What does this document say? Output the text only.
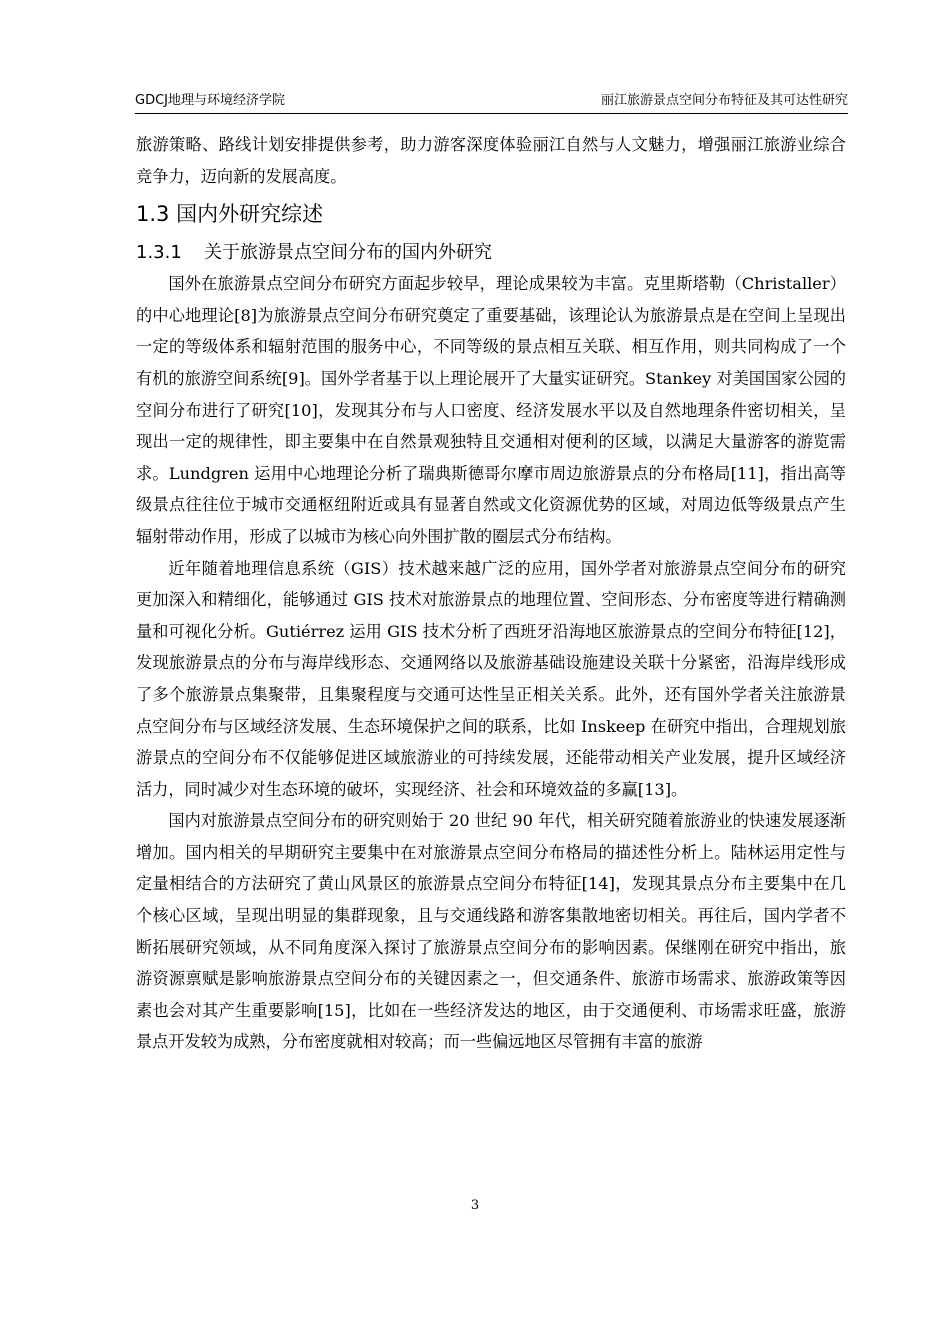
GDCJ地理与环境经济学院	丽江旅游景点空间分布特征及其可达性研究

旅游策略、路线计划安排提供参考，助力游客深度体验丽江自然与人文魅力，增强丽江旅游业综合竞争力，迈向新的发展高度。

1.3 国内外研究综述
1.3.1 关于旅游景点空间分布的国内外研究

国外在旅游景点空间分布研究方面起步较早，理论成果较为丰富。克里斯塔勒（Christaller）的中心地理论[8]为旅游景点空间分布研究奠定了重要基础，该理论认为旅游景点是在空间上呈现出一定的等级体系和辐射范围的服务中心，不同等级的景点相互关联、相互作用，则共同构成了一个有机的旅游空间系统[9]。国外学者基于以上理论展开了大量实证研究。Stankey 对美国国家公园的空间分布进行了研究[10]，发现其分布与人口密度、经济发展水平以及自然地理条件密切相关，呈现出一定的规律性，即主要集中在自然景观独特且交通相对便利的区域，以满足大量游客的游览需求。Lundgren 运用中心地理论分析了瑞典斯德哥尔摩市周边旅游景点的分布格局[11]，指出高等级景点往往位于城市交通枢纽附近或具有显著自然或文化资源优势的区域，对周边低等级景点产生辐射带动作用，形成了以城市为核心向外围扩散的圈层式分布结构。

近年随着地理信息系统（GIS）技术越来越广泛的应用，国外学者对旅游景点空间分布的研究更加深入和精细化，能够通过 GIS 技术对旅游景点的地理位置、空间形态、分布密度等进行精确测量和可视化分析。Gutiérrez 运用 GIS 技术分析了西班牙沿海地区旅游景点的空间分布特征[12]，发现旅游景点的分布与海岸线形态、交通网络以及旅游基础设施建设关联十分紧密，沿海岸线形成了多个旅游景点集聚带，且集聚程度与交通可达性呈正相关关系。此外，还有国外学者关注旅游景点空间分布与区域经济发展、生态环境保护之间的联系，比如 Inskeep 在研究中指出，合理规划旅游景点的空间分布不仅能够促进区域旅游业的可持续发展，还能带动相关产业发展，提升区域经济活力，同时减少对生态环境的破坏，实现经济、社会和环境效益的多赢[13]。

国内对旅游景点空间分布的研究则始于 20 世纪 90 年代，相关研究随着旅游业的快速发展逐渐增加。国内相关的早期研究主要集中在对旅游景点空间分布格局的描述性分析上。陆林运用定性与定量相结合的方法研究了黄山风景区的旅游景点空间分布特征[14]，发现其景点分布主要集中在几个核心区域，呈现出明显的集群现象，且与交通线路和游客集散地密切相关。再往后，国内学者不断拓展研究领域，从不同角度深入探讨了旅游景点空间分布的影响因素。保继刚在研究中指出，旅游资源禀赋是影响旅游景点空间分布的关键因素之一，但交通条件、旅游市场需求、旅游政策等因素也会对其产生重要影响[15]，比如在一些经济发达的地区，由于交通便利、市场需求旺盛，旅游景点开发较为成熟，分布密度就相对较高；而一些偏远地区尽管拥有丰富的旅游

3
